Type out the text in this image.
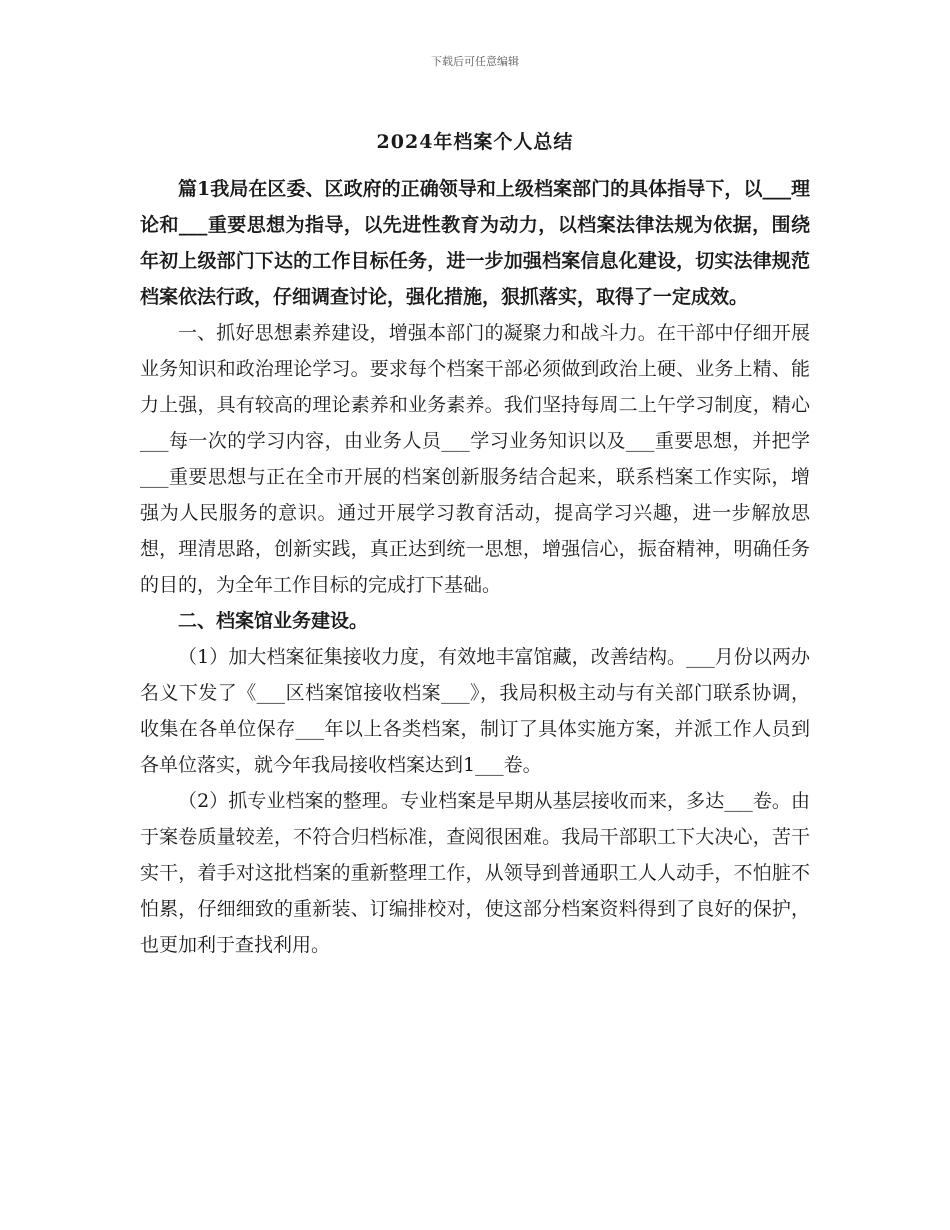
下载后可任意编辑
2024年档案个人总结

篇1我局在区委、区政府的正确领导和上级档案部门的具体指导下，以___理论和___重要思想为指导，以先进性教育为动力，以档案法律法规为依据，围绕年初上级部门下达的工作目标任务，进一步加强档案信息化建设，切实法律规范档案依法行政，仔细调查讨论，强化措施，狠抓落实，取得了一定成效。

一、抓好思想素养建设，增强本部门的凝聚力和战斗力。在干部中仔细开展业务知识和政治理论学习。要求每个档案干部必须做到政治上硬、业务上精、能力上强，具有较高的理论素养和业务素养。我们坚持每周二上午学习制度，精心___每一次的学习内容，由业务人员___学习业务知识以及___重要思想，并把学___重要思想与正在全市开展的档案创新服务结合起来，联系档案工作实际，增强为人民服务的意识。通过开展学习教育活动，提高学习兴趣，进一步解放思想，理清思路，创新实践，真正达到统一思想，增强信心，振奋精神，明确任务的目的，为全年工作目标的完成打下基础。

二、档案馆业务建设。

（1）加大档案征集接收力度，有效地丰富馆藏，改善结构。___月份以两办名义下发了《___区档案馆接收档案___》，我局积极主动与有关部门联系协调，收集在各单位保存___年以上各类档案，制订了具体实施方案，并派工作人员到各单位落实，就今年我局接收档案达到1___卷。

（2）抓专业档案的整理。专业档案是早期从基层接收而来，多达___卷。由于案卷质量较差，不符合归档标准，查阅很困难。我局干部职工下大决心，苦干实干，着手对这批档案的重新整理工作，从领导到普通职工人人动手，不怕脏不怕累，仔细细致的重新装、订编排校对，使这部分档案资料得到了良好的保护，也更加利于查找利用。
